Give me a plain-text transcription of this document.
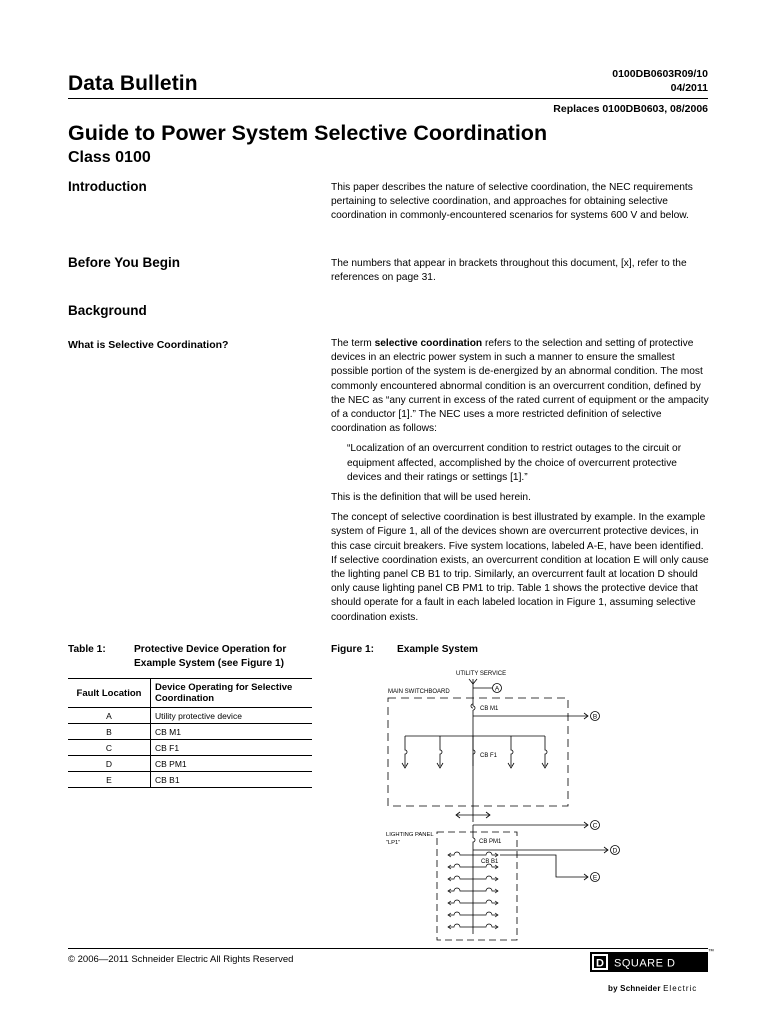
Data Bulletin	0100DB0603R09/10
04/2011
Replaces 0100DB0603, 08/2006
Guide to Power System Selective Coordination
Class 0100
Introduction	This paper describes the nature of selective coordination, the NEC requirements pertaining to selective coordination, and approaches for obtaining selective coordination in commonly-encountered scenarios for systems 600 V and below.
Before You Begin	The numbers that appear in brackets throughout this document, [x], refer to the references on page 31.
Background
What is Selective Coordination?	The term selective coordination refers to the selection and setting of protective devices in an electric power system in such a manner to ensure the smallest possible portion of the system is de-energized by an abnormal condition. The most commonly encountered abnormal condition is an overcurrent condition, defined by the NEC as “any current in excess of the rated current of equipment or the ampacity of a conductor [1].” The NEC uses a more restricted definition of selective coordination as follows:

“Localization of an overcurrent condition to restrict outages to the circuit or equipment affected, accomplished by the choice of overcurrent protective devices and their ratings or settings [1].”

This is the definition that will be used herein.

The concept of selective coordination is best illustrated by example. In the example system of Figure 1, all of the devices shown are overcurrent protective devices, in this case circuit breakers. Five system locations, labeled A-E, have been identified. If selective coordination exists, an overcurrent condition at location E will only cause the lighting panel CB B1 to trip. Similarly, an overcurrent fault at location D should only cause lighting panel CB PM1 to trip. Table 1 shows the protective device that should operate for a fault in each labeled location in Figure 1, assuming selective coordination exists.

Table 1:	Protective Device Operation for Example System (see Figure 1)
Fault Location	Device Operating for Selective Coordination
A	Utility protective device
B	CB M1
C	CB F1
D	CB PM1
E	CB B1
Figure 1: Example System
UTILITY SERVICE
MAIN SWITCHBOARD	A
CB M1
B
CB F1
C
LIGHTING PANEL
“LP1”	CB PM1
D
CB B1
E
© 2006—2011 Schneider Electric All Rights Reserved	D SQUARE D
™
by Schneider Electric
